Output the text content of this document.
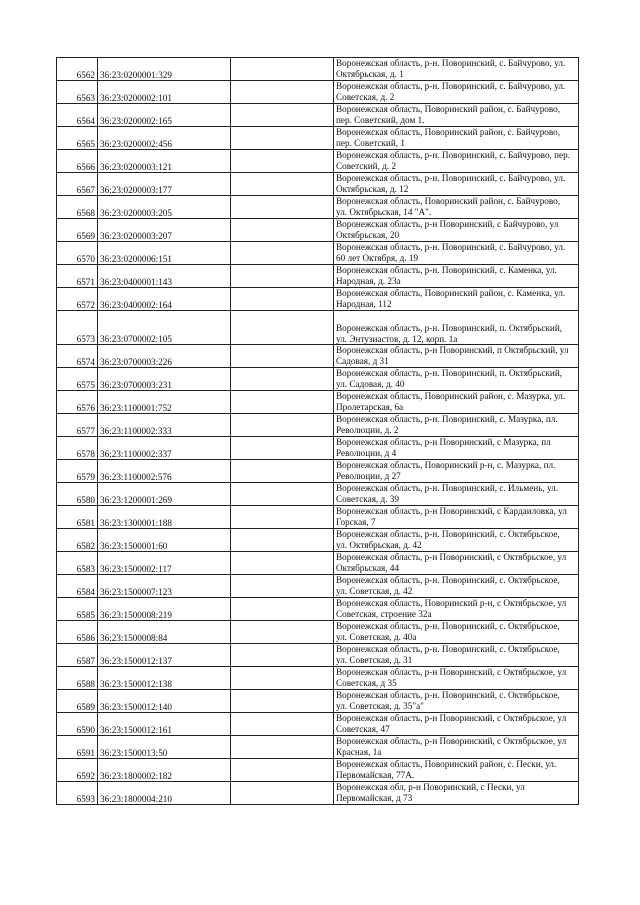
6562	36:23:0200001:329		Воронежская область, р-н. Поворинский, с. Байчурово, ул.
Октябрьская, д. 1

6563	36:23:0200002:101		Воронежская область, р-н. Поворинский, с. Байчурово, ул.
Советская, д. 2

6564	36:23:0200002:165		Воронежская область, Поворинский район, с. Байчурово,
пер. Советский, дом 1.

6565	36:23:0200002:456		Воронежская область, Поворинский район, с. Байчурово,
пер. Советский, 1

6566	36:23:0200003:121		Воронежская область, р-н. Поворинский, с. Байчурово, пер.
Советский, д. 2

6567	36:23:0200003:177		Воронежская область, р-н. Поворинский, с. Байчурово, ул.
Октябрьская, д. 12

6568	36:23:0200003:205		Воронежская область, Поворинский район, с. Байчурово,
ул. Октябрьская, 14 "А".

6569	36:23:0200003:207		Воронежская область, р-н Поворинский, с Байчурово, ул
Октябрьская, 20

6570	36:23:0200006:151		Воронежская область, р-н. Поворинский, с. Байчурово, ул.
60 лет Октября, д. 19

6571	36:23:0400001:143		Воронежская область, р-н. Поворинский, с. Каменка, ул.
Народная, д. 23а

6572	36:23:0400002:164		Воронежская область, Поворинский район, с. Каменка, ул.
Народная, 112

6573	36:23:0700002:105		Воронежская область, р-н. Поворинский, п. Октябрьский,
ул. Энтузиастов, д. 12, корп. 1а

6574	36:23:0700003:226		Воронежская область, р-н Поворинский, п Октябрьский, ул
Садовая, д 31

6575	36:23:0700003:231		Воронежская область, р-н. Поворинский, п. Октябрьский,
ул. Садовая, д. 40

6576	36:23:1100001:752		Воронежская область, Поворинский район, с. Мазурка, ул.
Пролетарская, 6а

6577	36:23:1100002:333		Воронежская область, р-н. Поворинский, с. Мазурка, пл.
Революции, д. 2

6578	36:23:1100002:337		Воронежская область, р-н Поворинский, с Мазурка, пл
Революции, д 4

6579	36:23:1100002:576		Воронежская область, Поворинский р-н, с. Мазурка, пл.
Революции, д 27

6580	36:23:1200001:269		Воронежская область, р-н. Поворинский, с. Ильмень, ул.
Советская, д. 39

6581	36:23:1300001:188		Воронежская область, р-н Поворинский, с Кардаиловка, ул
Горская, 7

6582	36:23:1500001:60		Воронежская область, р-н. Поворинский, с. Октябрьское,
ул. Октябрьская, д. 42

6583	36:23:1500002:117		Воронежская область, р-н Поворинский, с Октябрьское, ул
Октябрьская, 44

6584	36:23:1500007:123		Воронежская область, р-н. Поворинский, с. Октябрьское,
ул. Советская, д. 42

6585	36:23:1500008:219		Воронежская область, Поворинский р-н, с Октябрьское, ул
Советская, строение 32а

6586	36:23:1500008:84		Воронежская область, р-н. Поворинский, с. Октябрьское,
ул. Советская, д. 40а

6587	36:23:1500012:137		Воронежская область, р-н. Поворинский, с. Октябрьское,
ул. Советская, д. 31

6588	36:23:1500012:138		Воронежская область, р-н Поворинский, с Октябрьское, ул
Советская, д 35

6589	36:23:1500012:140		Воронежская область, р-н. Поворинский, с. Октябрьское,
ул. Советская, д. 35"а"

6590	36:23:1500012:161		Воронежская область, р-н Поворинский, с Октябрьское, ул
Советская, 47

6591	36:23:1500013:50		Воронежская область, р-н Поворинский, с Октябрьское, ул
Красная, 1а

6592	36:23:1800002:182		Воронежская область, Поворинский район, с. Пески, ул.
Первомайская, 77А.

6593	36:23:1800004:210		Воронежская обл, р-н Поворинский, с Пески, ул
Первомайская, д 73
